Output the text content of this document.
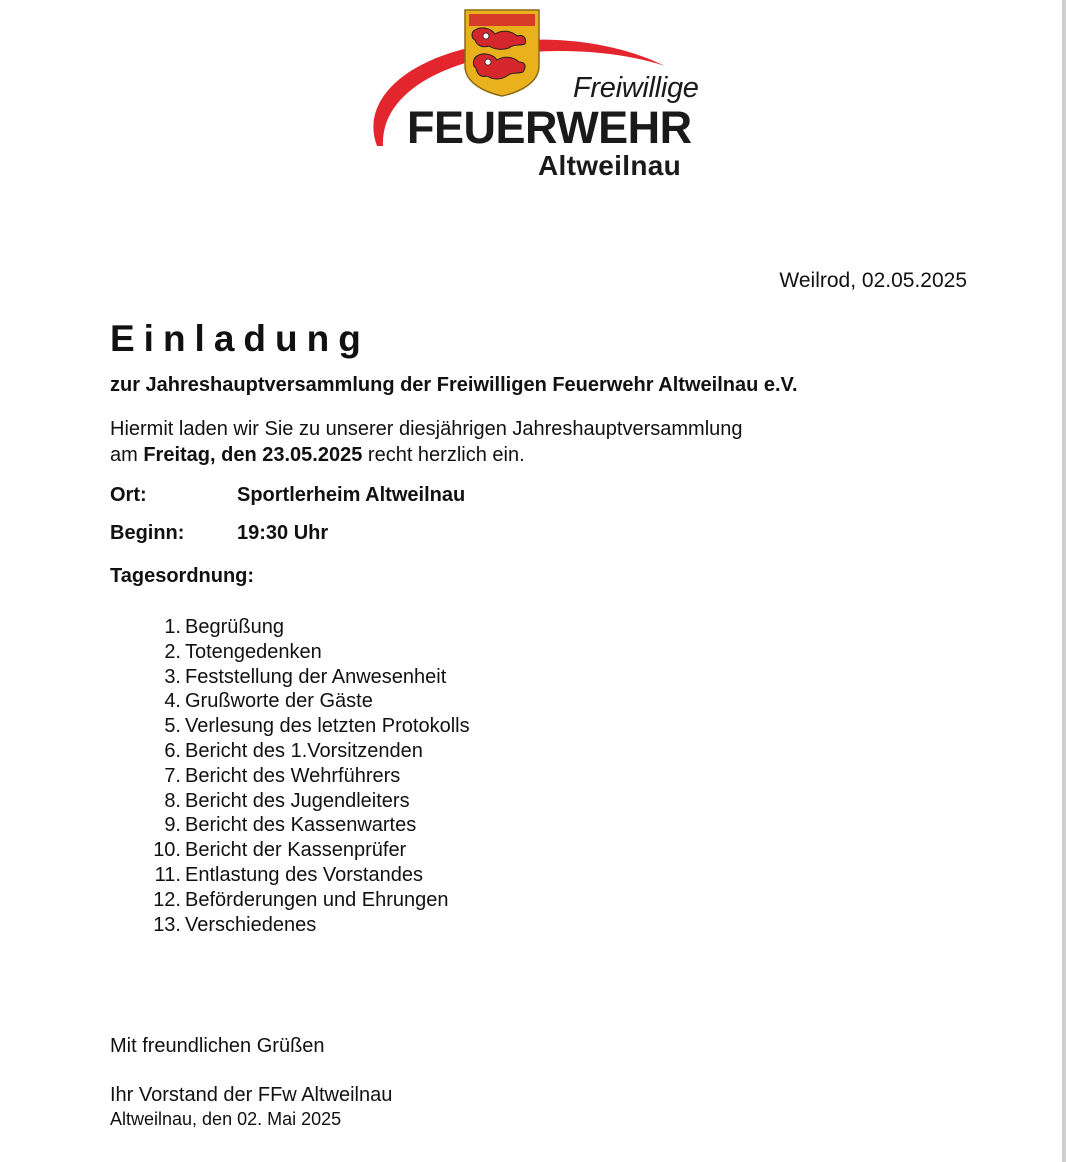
Freiwillige
FEUERWEHR
Altweilnau
Weilrod, 02.05.2025
Einladung
zur Jahreshauptversammlung der Freiwilligen Feuerwehr Altweilnau e.V.
Hiermit laden wir Sie zu unserer diesjährigen Jahreshauptversammlung
am Freitag, den 23.05.2025 recht herzlich ein.
Ort:	Sportlerheim Altweilnau
Beginn:	19:30 Uhr
Tagesordnung:
1. Begrüßung
2. Totengedenken
3. Feststellung der Anwesenheit
4. Grußworte der Gäste
5. Verlesung des letzten Protokolls
6. Bericht des 1.Vorsitzenden
7. Bericht des Wehrführers
8. Bericht des Jugendleiters
9. Bericht des Kassenwartes
10. Bericht der Kassenprüfer
11. Entlastung des Vorstandes
12. Beförderungen und Ehrungen
13. Verschiedenes
Mit freundlichen Grüßen
Ihr Vorstand der FFw Altweilnau
Altweilnau, den 02. Mai 2025
